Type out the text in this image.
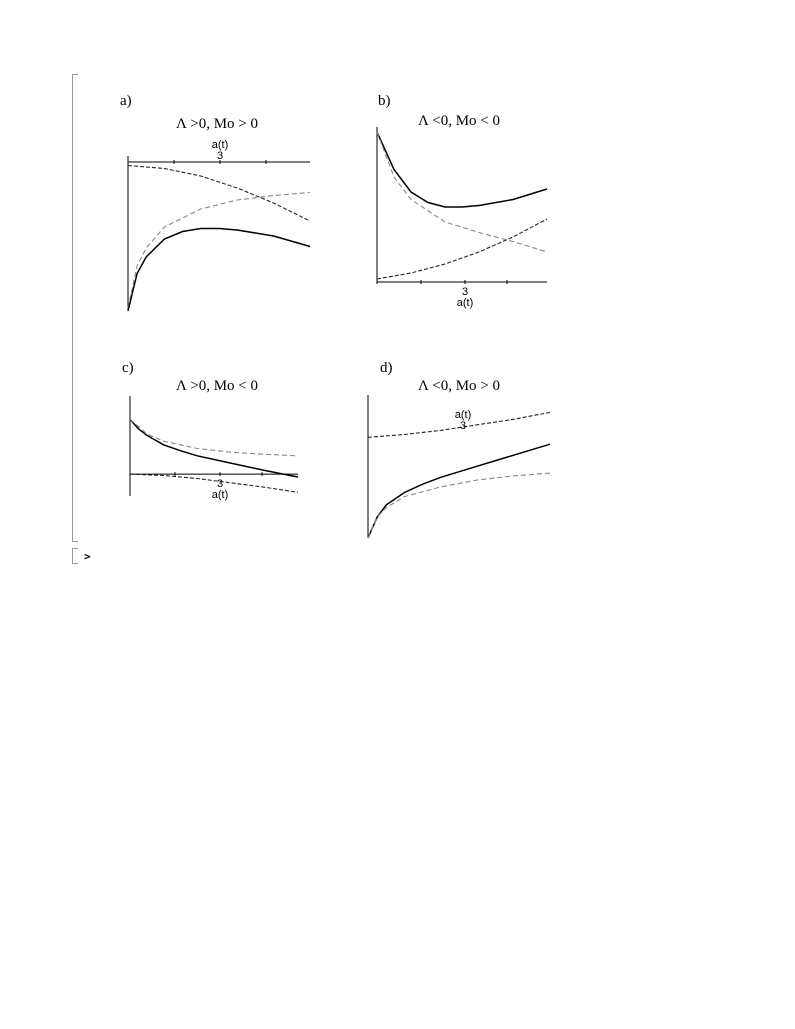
>
a)
Λ >0, Mo > 0
a(t)
3
b)
Λ <0, Mo < 0
a(t)
3
c)
Λ >0, Mo < 0
a(t)
3
d)
Λ <0, Mo > 0
a(t)
3
